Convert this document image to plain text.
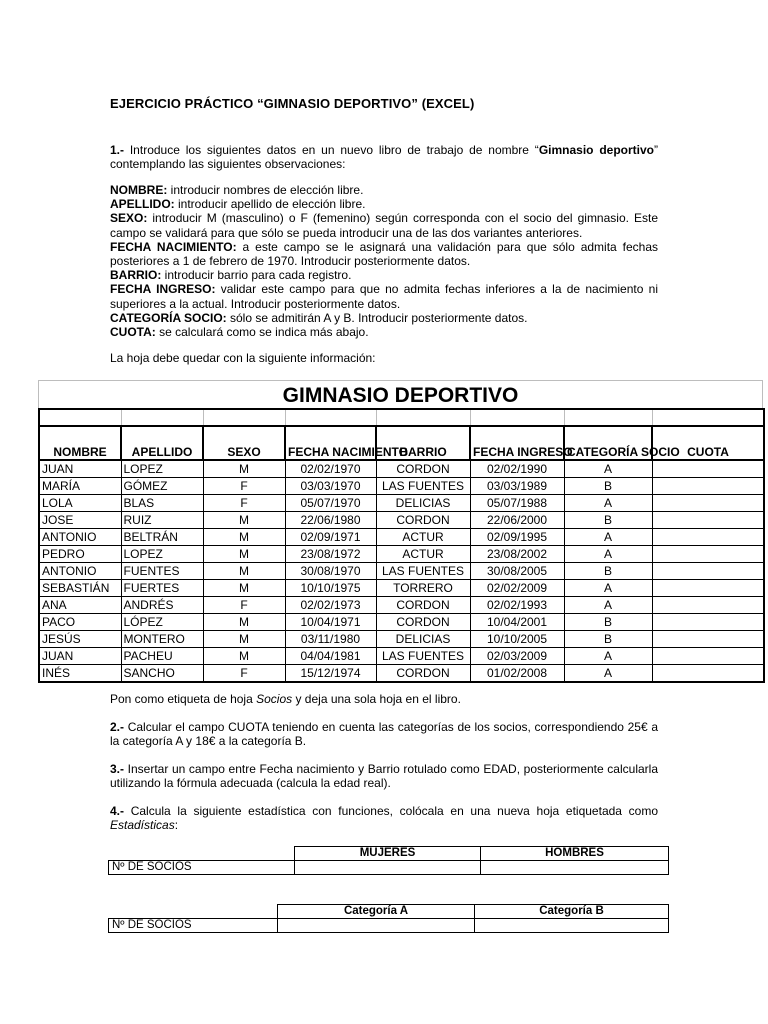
EJERCICIO PRÁCTICO “GIMNASIO DEPORTIVO” (EXCEL)
1.- Introduce los siguientes datos en un nuevo libro de trabajo de nombre “Gimnasio deportivo” contemplando las siguientes observaciones:
NOMBRE: introducir nombres de elección libre.
APELLIDO: introducir apellido de elección libre.
SEXO: introducir M (masculino) o F (femenino) según corresponda con el socio del gimnasio. Este campo se validará para que sólo se pueda introducir una de las dos variantes anteriores.
FECHA NACIMIENTO: a este campo se le asignará una validación para que sólo admita fechas posteriores a 1 de febrero de 1970. Introducir posteriormente datos.
BARRIO: introducir barrio para cada registro.
FECHA INGRESO: validar este campo para que no admita fechas inferiores a la de nacimiento ni superiores a la actual. Introducir posteriormente datos.
CATEGORÍA SOCIO: sólo se admitirán A y B. Introducir posteriormente datos.
CUOTA: se calculará como se indica más abajo.
La hoja debe quedar con la siguiente información:
GIMNASIO DEPORTIVO

NOMBRE	APELLIDO	SEXO	FECHA NACIMIENTO	BARRIO	FECHA INGRESO	CATEGORÍA SOCIO	CUOTA
JUAN	LOPEZ	M	02/02/1970	CORDON	02/02/1990	A	
MARÍA	GÓMEZ	F	03/03/1970	LAS FUENTES	03/03/1989	B	
LOLA	BLAS	F	05/07/1970	DELICIAS	05/07/1988	A	
JOSE	RUIZ	M	22/06/1980	CORDON	22/06/2000	B	
ANTONIO	BELTRÁN	M	02/09/1971	ACTUR	02/09/1995	A	
PEDRO	LOPEZ	M	23/08/1972	ACTUR	23/08/2002	A	
ANTONIO	FUENTES	M	30/08/1970	LAS FUENTES	30/08/2005	B	
SEBASTIÁN	FUERTES	M	10/10/1975	TORRERO	02/02/2009	A	
ANA	ANDRÉS	F	02/02/1973	CORDON	02/02/1993	A	
PACO	LÓPEZ	M	10/04/1971	CORDON	10/04/2001	B	
JESÚS	MONTERO	M	03/11/1980	DELICIAS	10/10/2005	B	
JUAN	PACHEU	M	04/04/1981	LAS FUENTES	02/03/2009	A	
INÉS	SANCHO	F	15/12/1974	CORDON	01/02/2008	A	
Pon como etiqueta de hoja Socios y deja una sola hoja en el libro.
2.- Calcular el campo CUOTA teniendo en cuenta las categorías de los socios, correspondiendo 25€ a la categoría A y 18€ a la categoría B.
3.- Insertar un campo entre Fecha nacimiento y Barrio rotulado como EDAD, posteriormente calcularla utilizando la fórmula adecuada (calcula la edad real).
4.- Calcula la siguiente estadística con funciones, colócala en una nueva hoja etiquetada como Estadísticas:
	MUJERES	HOMBRES
Nº DE SOCIOS		
	Categoría A	Categoría B
Nº DE SOCIOS		
